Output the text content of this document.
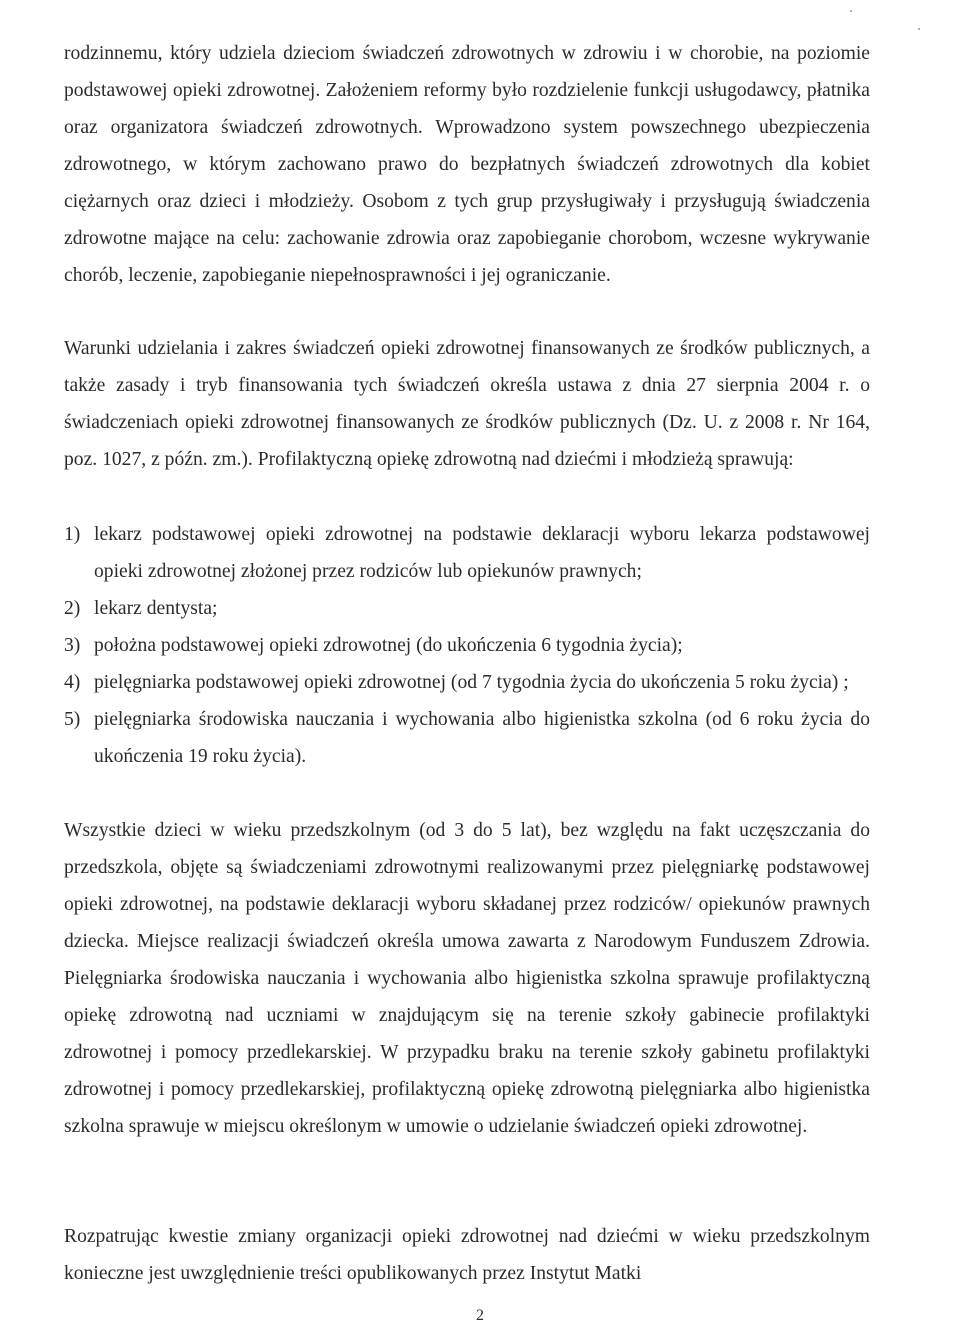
rodzinnemu, który udziela dzieciom świadczeń zdrowotnych w zdrowiu i w chorobie, na poziomie podstawowej opieki zdrowotnej. Założeniem reformy było rozdzielenie funkcji usługodawcy, płatnika oraz organizatora świadczeń zdrowotnych. Wprowadzono system powszechnego ubezpieczenia zdrowotnego, w którym zachowano prawo do bezpłatnych świadczeń zdrowotnych dla kobiet ciężarnych oraz dzieci i młodzieży. Osobom z tych grup przysługiwały i przysługują świadczenia zdrowotne mające na celu: zachowanie zdrowia oraz zapobieganie chorobom, wczesne wykrywanie chorób, leczenie, zapobieganie niepełnosprawności i jej ograniczanie.

Warunki udzielania i zakres świadczeń opieki zdrowotnej finansowanych ze środków publicznych, a także zasady i tryb finansowania tych świadczeń określa ustawa z dnia 27 sierpnia 2004 r. o świadczeniach opieki zdrowotnej finansowanych ze środków publicznych (Dz. U. z 2008 r. Nr 164, poz. 1027, z późn. zm.). Profilaktyczną opiekę zdrowotną nad dziećmi i młodzieżą sprawują:

1) lekarz podstawowej opieki zdrowotnej na podstawie deklaracji wyboru lekarza podstawowej opieki zdrowotnej złożonej przez rodziców lub opiekunów prawnych;
2) lekarz dentysta;
3) położna podstawowej opieki zdrowotnej (do ukończenia 6 tygodnia życia);
4) pielęgniarka podstawowej opieki zdrowotnej (od 7 tygodnia życia do ukończenia 5 roku życia) ;
5) pielęgniarka środowiska nauczania i wychowania albo higienistka szkolna (od 6 roku życia do ukończenia 19 roku życia).

Wszystkie dzieci w wieku przedszkolnym (od 3 do 5 lat), bez względu na fakt uczęszczania do przedszkola, objęte są świadczeniami zdrowotnymi realizowanymi przez pielęgniarkę podstawowej opieki zdrowotnej, na podstawie deklaracji wyboru składanej przez rodziców/ opiekunów prawnych dziecka. Miejsce realizacji świadczeń określa umowa zawarta z Narodowym Funduszem Zdrowia. Pielęgniarka środowiska nauczania i wychowania albo higienistka szkolna sprawuje profilaktyczną opiekę zdrowotną nad uczniami w znajdującym się na terenie szkoły gabinecie profilaktyki zdrowotnej i pomocy przedlekarskiej. W przypadku braku na terenie szkoły gabinetu profilaktyki zdrowotnej i pomocy przedlekarskiej, profilaktyczną opiekę zdrowotną pielęgniarka albo higienistka szkolna sprawuje w miejscu określonym w umowie o udzielanie świadczeń opieki zdrowotnej.

Rozpatrując kwestie zmiany organizacji opieki zdrowotnej nad dziećmi w wieku przedszkolnym konieczne jest uwzględnienie treści opublikowanych przez Instytut Matki

2
